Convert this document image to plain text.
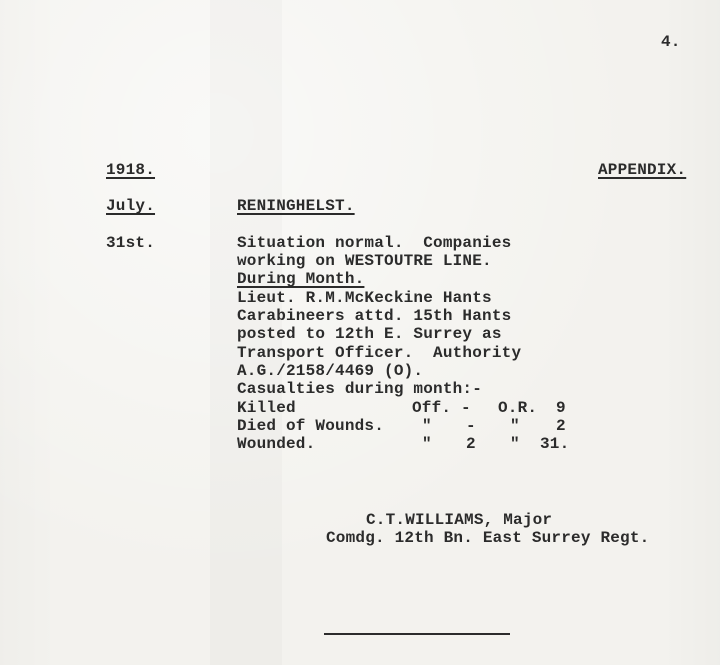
4.
1918.	APPENDIX.
July.	RENINGHELST.
31st.	Situation normal.  Companies
working on WESTOUTRE LINE.
During Month.
Lieut. R.M.McKeckine Hants
Carabineers attd. 15th Hants
posted to 12th E. Surrey as
Transport Officer.  Authority
A.G./2158/4469 (O).
Casualties during month:-
Killed	Off. - O.R. 9
Died of Wounds. " - " 2
Wounded.	" 2 " 31.
C.T.WILLIAMS, Major
Comdg. 12th Bn. East Surrey Regt.
